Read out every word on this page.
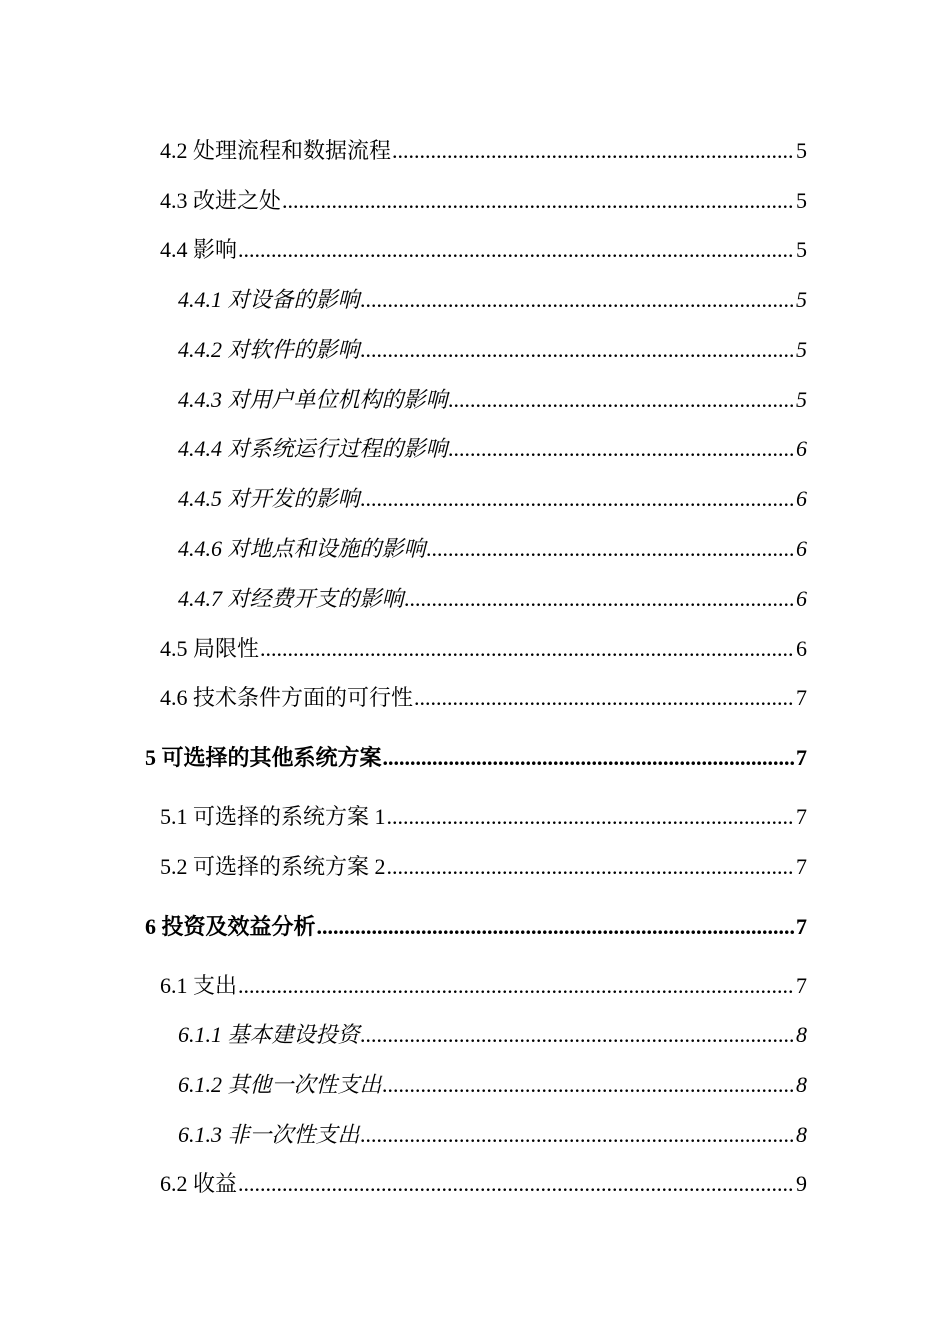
4.2 处理流程和数据流程 .....	5
4.3 改进之处 .....	5
4.4 影响 .....	5
4.4.1 对设备的影响 .....	5
4.4.2 对软件的影响 .....	5
4.4.3 对用户单位机构的影响 .....	5
4.4.4 对系统运行过程的影响 .....	6
4.4.5 对开发的影响 .....	6
4.4.6 对地点和设施的影响 .....	6
4.4.7 对经费开支的影响 .....	6
4.5 局限性 .....	6
4.6 技术条件方面的可行性 .....	7
5 可选择的其他系统方案 .....	7
5.1 可选择的系统方案 1 .....	7
5.2 可选择的系统方案 2 .....	7
6 投资及效益分析 .....	7
6.1 支出 .....	7
6.1.1 基本建设投资 .....	8
6.1.2 其他一次性支出 .....	8
6.1.3 非一次性支出 .....	8
6.2 收益 .....	9
